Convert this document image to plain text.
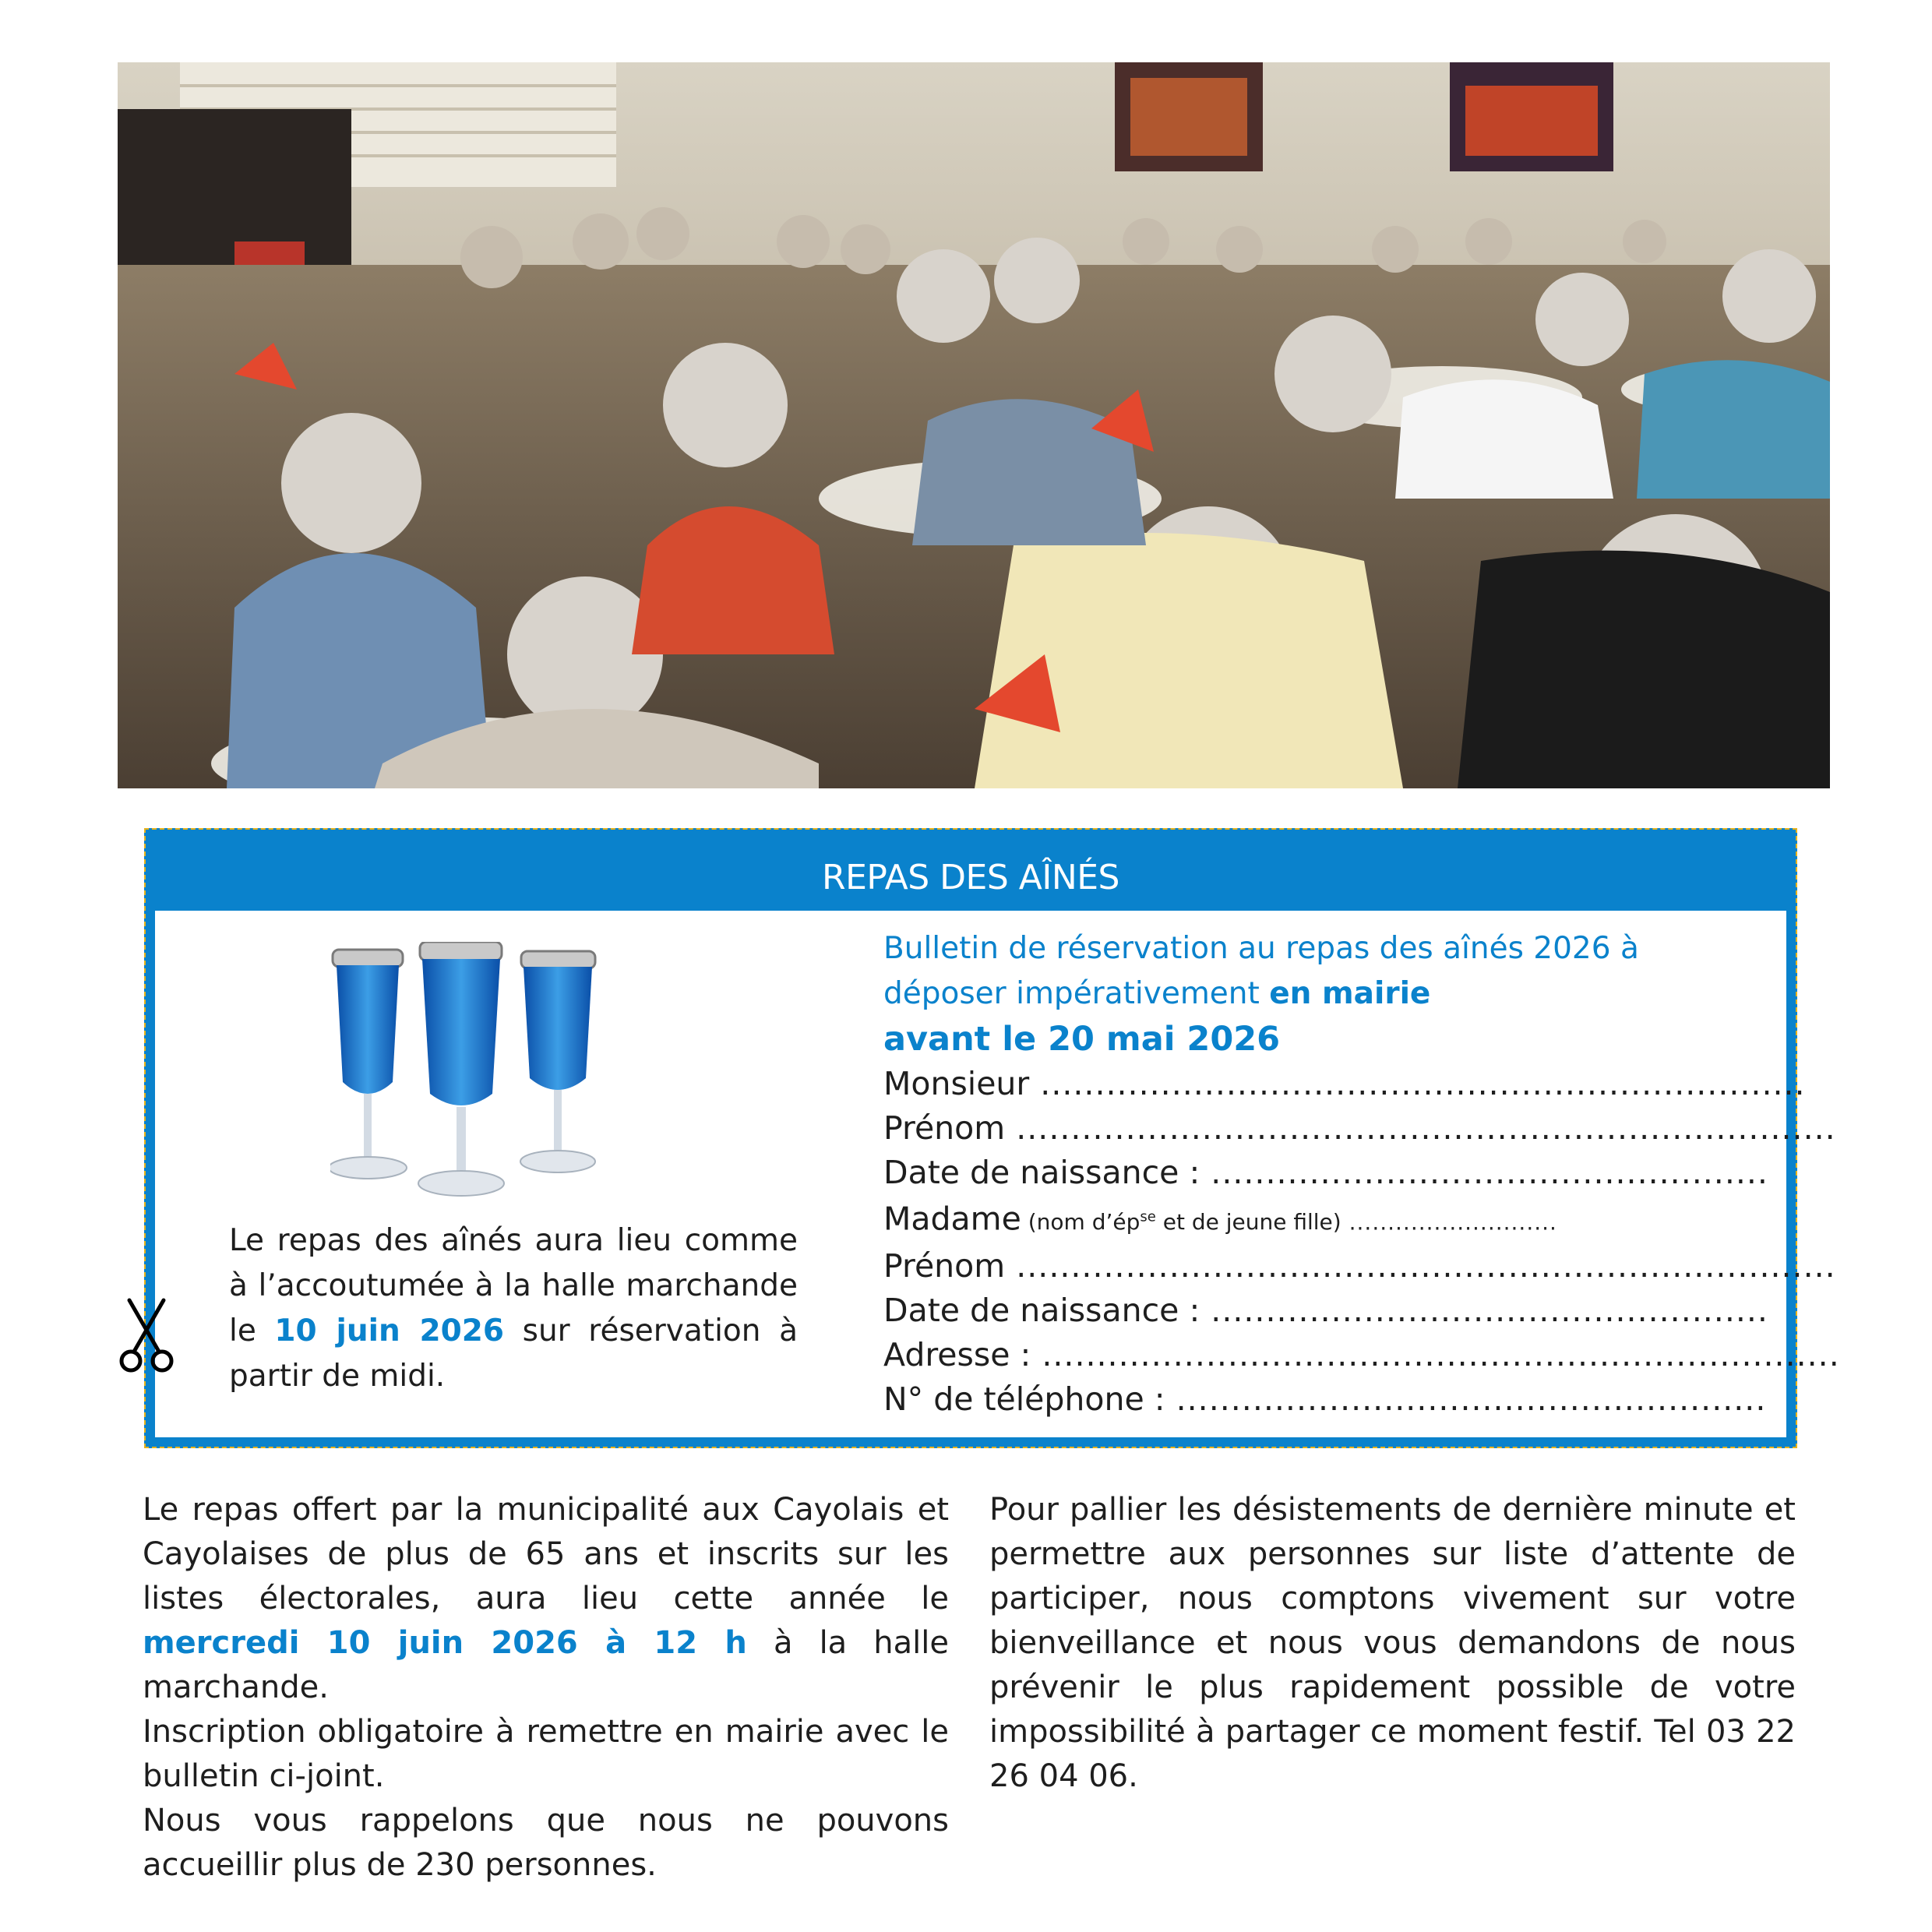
REPAS DES AÎNÉS
Le repas des aînés aura lieu comme à l’accoutumée à la halle marchande le 10 juin 2026 sur réservation à partir de midi.

Bulletin de réservation au repas des aînés 2026 à déposer impérativement en mairie

avant le 20 mai 2026
Monsieur ......................................................................
Prénom ...........................................................................
Date de naissance : ...................................................
Madame (nom $d’ép^{se}$ et de jeune fille) ...........................
Prénom ...........................................................................
Date de naissance : ...................................................
Adresse : .........................................................................
N° de téléphone : ......................................................

Le repas offert par la municipalité aux Cayolais et Cayolaises de plus de 65 ans et inscrits sur les listes électorales, aura lieu cette année le mercredi 10 juin 2026 à 12 h à la halle marchande.

Inscription obligatoire à remettre en mairie avec le bulletin ci-joint.

Nous vous rappelons que nous ne pouvons accueillir plus de 230 personnes.

Pour pallier les désistements de dernière minute et permettre aux personnes sur liste d’attente de participer, nous comptons vivement sur votre bienveillance et nous vous demandons de nous prévenir le plus rapidement possible de votre impossibilité à partager ce moment festif. Tel 03 22 26 04 06.
